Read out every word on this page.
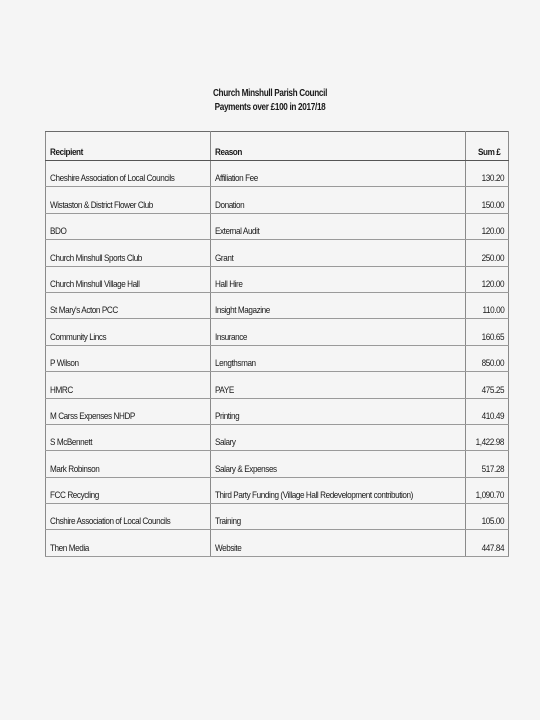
Church Minshull Parish Council
Payments over £100 in 2017/18
Recipient	Reason	Sum £
Cheshire Association of Local Councils	Affiliation Fee	130.20
Wistaston & District Flower Club	Donation	150.00
BDO	External Audit	120.00
Church Minshull Sports Club	Grant	250.00
Church Minshull Village Hall	Hall Hire	120.00
St Mary's Acton PCC	Insight Magazine	110.00
Community Lincs	Insurance	160.65
P Wilson	Lengthsman	850.00
HMRC	PAYE	475.25
M Carss Expenses NHDP	Printing	410.49
S McBennett	Salary	1,422.98
Mark Robinson	Salary & Expenses	517.28
FCC Recycling	Third Party Funding (Village Hall Redevelopment contribution)	1,090.70
Chshire Association of Local Councils	Training	105.00
Then Media	Website	447.84
